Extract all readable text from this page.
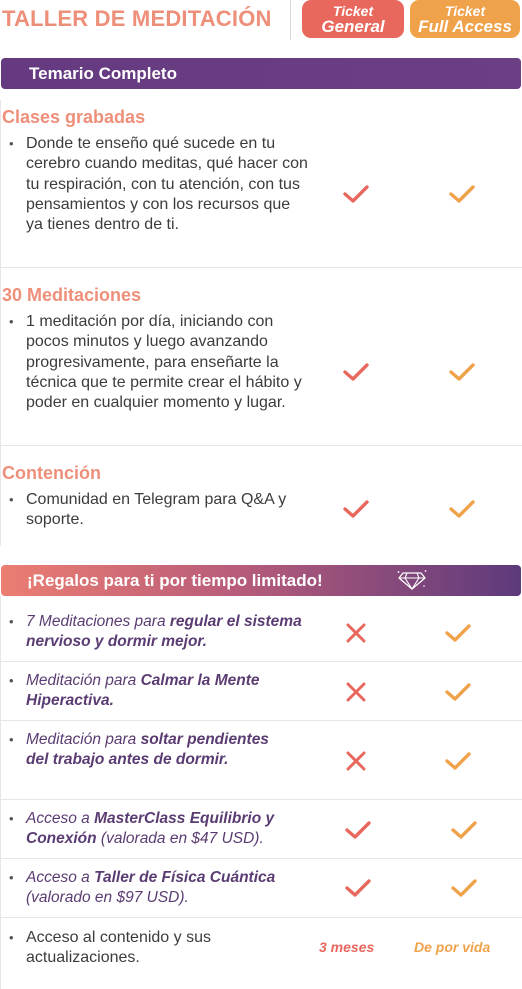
TALLER DE MEDITACIÓN	Ticket
General
Ticket
Full Access
Temario Completo
Clases grabadas
• Donde te enseño qué sucede en tu cerebro cuando meditas, qué hacer con tu respiración, con tu atención, con tus pensamientos y con los recursos que ya tienes dentro de ti.
30 Meditaciones
• 1 meditación por día, iniciando con pocos minutos y luego avanzando progresivamente, para enseñarte la técnica que te permite crear el hábito y poder en cualquier momento y lugar.
Contención
• Comunidad en Telegram para Q&A y soporte.
¡Regalos para ti por tiempo limitado!
• 7 Meditaciones para regular el sistema nervioso y dormir mejor.
• Meditación para Calmar la Mente Hiperactiva.
• Meditación para soltar pendientes del trabajo antes de dormir.
• Acceso a MasterClass Equilibrio y Conexión (valorada en $47 USD).
• Acceso a Taller de Física Cuántica (valorado en $97 USD).
• Acceso al contenido y sus actualizaciones.
3 meses	De por vida
